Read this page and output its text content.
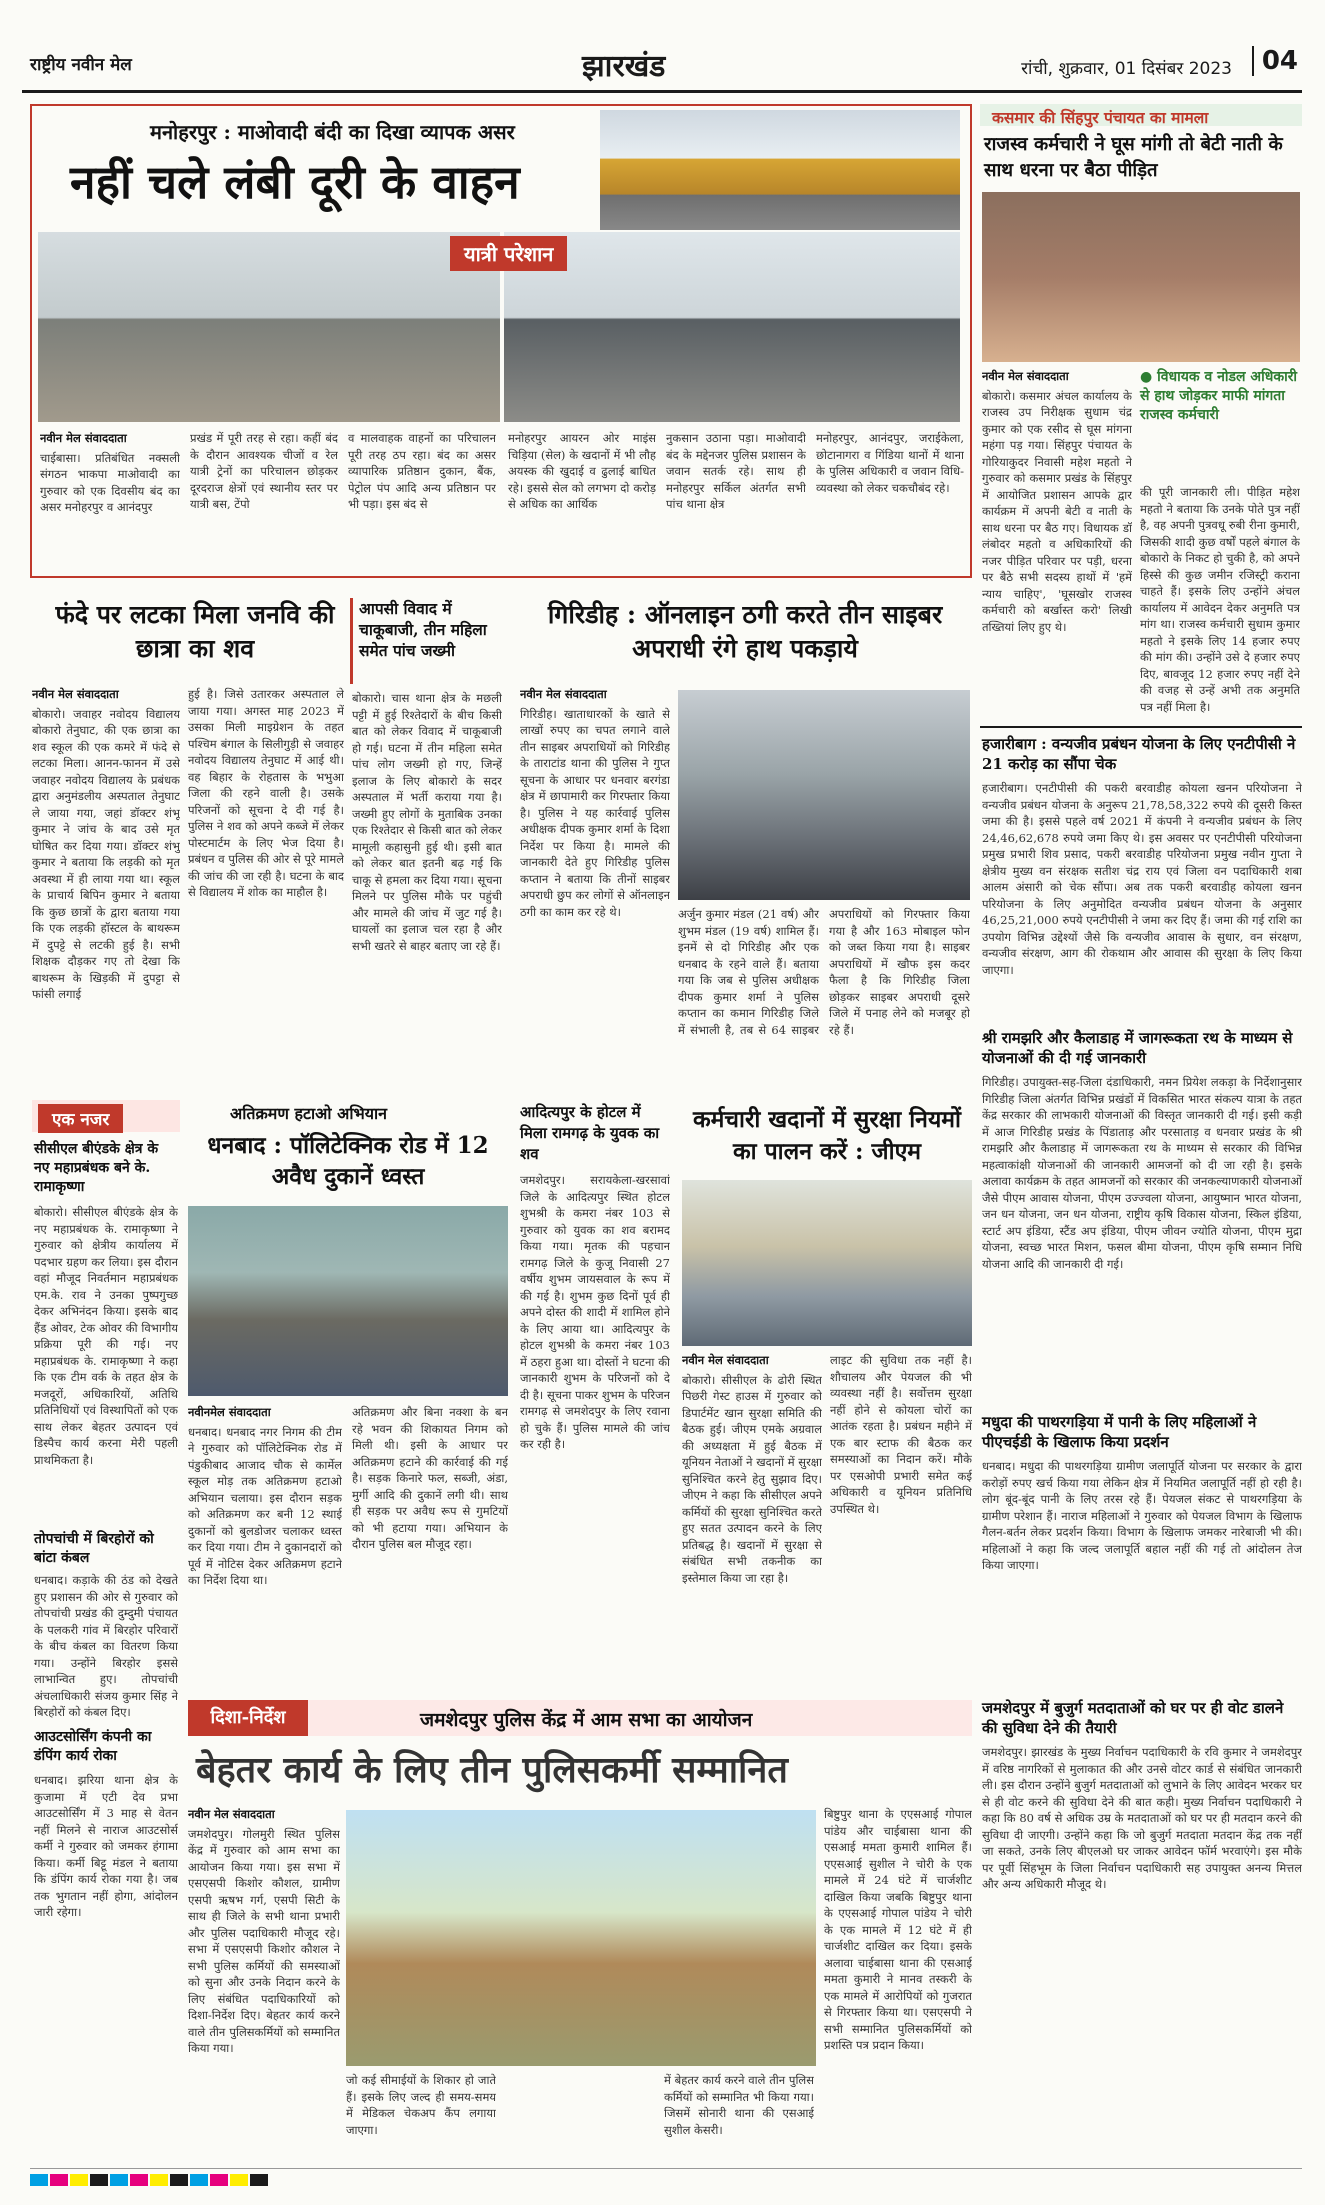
राष्ट्रीय नवीन मेल	झारखंड	रांची, शुक्रवार, 01 दिसंबर 2023	04
मनोहरपुर : माओवादी बंदी का दिखा व्यापक असर
नहीं चले लंबी दूरी के वाहन
यात्री परेशान
नवीन मेल संवाददाता
चाईबासा। प्रतिबंधित नक्सली संगठन भाकपा माओवादी का गुरुवार को एक दिवसीय बंद का असर मनोहरपुर व आनंदपुर
प्रखंड में पूरी तरह से रहा। कहीं बंद के दौरान आवश्यक चीजों व रेल यात्री ट्रेनों का परिचालन छोड़कर दूरदराज क्षेत्रों एवं स्थानीय स्तर पर यात्री बस, टेंपो
व मालवाहक वाहनों का परिचालन पूरी तरह ठप रहा। बंद का असर व्यापारिक प्रतिष्ठान दुकान, बैंक, पेट्रोल पंप आदि अन्य प्रतिष्ठान पर भी पड़ा। इस बंद से
मनोहरपुर आयरन ओर माइंस चिड़िया (सेल) के खदानों में भी लौह अयस्क की खुदाई व ढुलाई बाधित रहे। इससे सेल को लगभग दो करोड़ से अधिक का आर्थिक
नुकसान उठाना पड़ा। माओवादी बंद के मद्देनजर पुलिस प्रशासन के जवान सतर्क रहे। साथ ही मनोहरपुर सर्किल अंतर्गत सभी पांच थाना क्षेत्र
मनोहरपुर, आनंदपुर, जराईकेला, छोटानागरा व गिंडिया थानों में थाना के पुलिस अधिकारी व जवान विधि-व्यवस्था को लेकर चकचौबंद रहे।
कसमार की सिंहपुर पंचायत का मामला
राजस्व कर्मचारी ने घूस मांगी तो बेटी नाती के साथ धरना पर बैठा पीड़ित
नवीन मेल संवाददाता
बोकारो। कसमार अंचल कार्यालय के राजस्व उप निरीक्षक सुधाम चंद्र कुमार को एक रसीद से घूस मांगना महंगा पड़ गया। सिंहपुर पंचायत के गोरियाकुदर निवासी महेश महतो ने गुरुवार को कसमार प्रखंड के सिंहपुर में आयोजित प्रशासन आपके द्वार कार्यक्रम में अपनी बेटी व नाती के साथ धरना पर बैठ गए। विधायक डॉ लंबोदर महतो व अधिकारियों की नजर पीड़ित परिवार पर पड़ी, धरना पर बैठे सभी सदस्य हाथों में 'हमें न्याय चाहिए', 'घूसखोर राजस्व कर्मचारी को बर्खास्त करो' लिखी तख्तियां लिए हुए थे।
● विधायक व नोडल अधिकारी से हाथ जोड़कर माफी मांगता राजस्व कर्मचारी
की पूरी जानकारी ली। पीड़ित महेश महतो ने बताया कि उनके पोते पुत्र नहीं है, वह अपनी पुत्रवधू रुबी रीना कुमारी, जिसकी शादी कुछ वर्षों पहले बंगाल के बोकारो के निकट हो चुकी है, को अपने हिस्से की कुछ जमीन रजिस्ट्री कराना चाहते हैं। इसके लिए उन्होंने अंचल कार्यालय में आवेदन देकर अनुमति पत्र मांग था। राजस्व कर्मचारी सुधाम कुमार महतो ने इसके लिए 14 हजार रुपए की मांग की। उन्होंने उसे दे हजार रुपए दिए, बावजूद 12 हजार रुपए नहीं देने की वजह से उन्हें अभी तक अनुमति पत्र नहीं मिला है।
फंदे पर लटका मिला जनवि की छात्रा का शव
नवीन मेल संवाददाता
बोकारो। जवाहर नवोदय विद्यालय बोकारो तेनुघाट, की एक छात्रा का शव स्कूल की एक कमरे में फंदे से लटका मिला। आनन-फानन में उसे जवाहर नवोदय विद्यालय के प्रबंधक द्वारा अनुमंडलीय अस्पताल तेनुघाट ले जाया गया, जहां डॉक्टर शंभू कुमार ने जांच के बाद उसे मृत घोषित कर दिया गया। डॉक्टर शंभु कुमार ने बताया कि लड़की को मृत अवस्था में ही लाया गया था। स्कूल के प्राचार्य बिपिन कुमार ने बताया कि कुछ छात्रों के द्वारा बताया गया कि एक लड़की हॉस्टल के बाथरूम में दुपट्टे से लटकी हुई है। सभी शिक्षक दौड़कर गए तो देखा कि बाथरूम के खिड़की में दुपट्टा से फांसी लगाई
हुई है। जिसे उतारकर अस्पताल ले जाया गया। अगस्त माह 2023 में उसका मिली माइग्रेशन के तहत पश्चिम बंगाल के सिलीगुड़ी से जवाहर नवोदय विद्यालय तेनुघाट में आई थी। वह बिहार के रोहतास के भभुआ जिला की रहने वाली है। उसके परिजनों को सूचना दे दी गई है। पुलिस ने शव को अपने कब्जे में लेकर पोस्टमार्टम के लिए भेज दिया है। प्रबंधन व पुलिस की ओर से पूरे मामले की जांच की जा रही है। घटना के बाद से विद्यालय में शोक का माहौल है।
आपसी विवाद में चाकूबाजी, तीन महिला समेत पांच जख्मी
बोकारो। चास थाना क्षेत्र के मछली पट्टी में हुई रिश्तेदारों के बीच किसी बात को लेकर विवाद में चाकूबाजी हो गई। घटना में तीन महिला समेत पांच लोग जख्मी हो गए, जिन्हें इलाज के लिए बोकारो के सदर अस्पताल में भर्ती कराया गया है। जख्मी हुए लोगों के मुताबिक उनका एक रिश्तेदार से किसी बात को लेकर मामूली कहासुनी हुई थी। इसी बात को लेकर बात इतनी बढ़ गई कि चाकू से हमला कर दिया गया। सूचना मिलने पर पुलिस मौके पर पहुंची और मामले की जांच में जुट गई है। घायलों का इलाज चल रहा है और सभी खतरे से बाहर बताए जा रहे हैं।
गिरिडीह : ऑनलाइन ठगी करते तीन साइबर अपराधी रंगे हाथ पकड़ाये
नवीन मेल संवाददाता
गिरिडीह। खाताधारकों के खाते से लाखों रुपए का चपत लगाने वाले तीन साइबर अपराधियों को गिरिडीह के ताराटांड थाना की पुलिस ने गुप्त सूचना के आधार पर धनवार बरगंडा क्षेत्र में छापामारी कर गिरफ्तार किया है। पुलिस ने यह कार्रवाई पुलिस अधीक्षक दीपक कुमार शर्मा के दिशा निर्देश पर किया है। मामले की जानकारी देते हुए गिरिडीह पुलिस कप्तान ने बताया कि तीनों साइबर अपराधी छुप कर लोगों से ऑनलाइन ठगी का काम कर रहे थे।	अर्जुन कुमार मंडल (21 वर्ष) और शुभम मंडल (19 वर्ष) शामिल हैं। इनमें से दो गिरिडीह और एक धनबाद के रहने वाले हैं। बताया गया कि जब से पुलिस अधीक्षक दीपक कुमार शर्मा ने पुलिस कप्तान का कमान गिरिडीह जिले में संभाली है, तब से 64 साइबर अपराधियों को गिरफ्तार किया गया है और 163 मोबाइल फोन को जब्त किया गया है। साइबर अपराधियों में खौफ इस कदर फैला है कि गिरिडीह जिला छोड़कर साइबर अपराधी दूसरे जिले में पनाह लेने को मजबूर हो रहे हैं।
एक नजर
सीसीएल बीएंडके क्षेत्र के नए महाप्रबंधक बने के. रामाकृष्णा
बोकारो। सीसीएल बीएंडके क्षेत्र के नए महाप्रबंधक के. रामाकृष्णा ने गुरुवार को क्षेत्रीय कार्यालय में पदभार ग्रहण कर लिया। इस दौरान वहां मौजूद निवर्तमान महाप्रबंधक एम.के. राव ने उनका पुष्पगुच्छ देकर अभिनंदन किया। इसके बाद हैंड ओवर, टेक ओवर की विभागीय प्रक्रिया पूरी की गई। नए महाप्रबंधक के. रामाकृष्णा ने कहा कि एक टीम वर्क के तहत क्षेत्र के मजदूरों, अधिकारियों, अतिथि प्रतिनिधियों एवं विस्थापितों को एक साथ लेकर बेहतर उत्पादन एवं डिस्पैच कार्य करना मेरी पहली प्राथमिकता है।
तोपचांची में बिरहोरों को बांटा कंबल
धनबाद। कड़ाके की ठंड को देखते हुए प्रशासन की ओर से गुरुवार को तोपचांची प्रखंड की दुम्दुमी पंचायत के पलकरी गांव में बिरहोर परिवारों के बीच कंबल का वितरण किया गया। उन्होंने बिरहोर इससे लाभान्वित हुए। तोपचांची अंचलाधिकारी संजय कुमार सिंह ने बिरहोरों को कंबल दिए।
आउटसोर्सिंग कंपनी का डंपिंग कार्य रोका
धनबाद। झरिया थाना क्षेत्र के कुजामा में एटी देव प्रभा आउटसोर्सिंग में 3 माह से वेतन नहीं मिलने से नाराज आउटसोर्स कर्मी ने गुरुवार को जमकर हंगामा किया। कर्मी बिट्टू मंडल ने बताया कि डंपिंग कार्य रोका गया है। जब तक भुगतान नहीं होगा, आंदोलन जारी रहेगा।
अतिक्रमण हटाओ अभियान
धनबाद : पॉलिटेक्निक रोड में 12 अवैध दुकानें ध्वस्त
नवीनमेल संवाददाता
धनबाद। धनबाद नगर निगम की टीम ने गुरुवार को पॉलिटेक्निक रोड में पंडुकीबाद आजाद चौक से कार्मेल स्कूल मोड़ तक अतिक्रमण हटाओ अभियान चलाया। इस दौरान सड़क को अतिक्रमण कर बनी 12 स्थाई दुकानों को बुलडोजर चलाकर ध्वस्त कर दिया गया। टीम ने दुकानदारों को पूर्व में नोटिस देकर अतिक्रमण हटाने का निर्देश दिया था।
अतिक्रमण और बिना नक्शा के बन रहे भवन की शिकायत निगम को मिली थी। इसी के आधार पर अतिक्रमण हटाने की कार्रवाई की गई है। सड़क किनारे फल, सब्जी, अंडा, मुर्गी आदि की दुकानें लगी थी। साथ ही सड़क पर अवैध रूप से गुमटियों को भी हटाया गया। अभियान के दौरान पुलिस बल मौजूद रहा।
आदित्यपुर के होटल में मिला रामगढ़ के युवक का शव
जमशेदपुर। सरायकेला-खरसावां जिले के आदित्यपुर स्थित होटल शुभश्री के कमरा नंबर 103 से गुरुवार को युवक का शव बरामद किया गया। मृतक की पहचान रामगढ़ जिले के कुजू निवासी 27 वर्षीय शुभम जायसवाल के रूप में की गई है। शुभम कुछ दिनों पूर्व ही अपने दोस्त की शादी में शामिल होने के लिए आया था। आदित्यपुर के होटल शुभश्री के कमरा नंबर 103 में ठहरा हुआ था। दोस्तों ने घटना की जानकारी शुभम के परिजनों को दे दी है। सूचना पाकर शुभम के परिजन रामगढ़ से जमशेदपुर के लिए रवाना हो चुके हैं। पुलिस मामले की जांच कर रही है।
कर्मचारी खदानों में सुरक्षा नियमों का पालन करें : जीएम
नवीन मेल संवाददाता
बोकारो। सीसीएल के ढोरी स्थित पिछरी गेस्ट हाउस में गुरुवार को डिपार्टमेंट खान सुरक्षा समिति की बैठक हुई। जीएम एमके अग्रवाल की अध्यक्षता में हुई बैठक में यूनियन नेताओं ने खदानों में सुरक्षा सुनिश्चित करने हेतु सुझाव दिए। जीएम ने कहा कि सीसीएल अपने कर्मियों की सुरक्षा सुनिश्चित करते हुए सतत उत्पादन करने के लिए प्रतिबद्ध है। खदानों में सुरक्षा से संबंधित सभी तकनीक का इस्तेमाल किया जा रहा है।
लाइट की सुविधा तक नहीं है। शौचालय और पेयजल की भी व्यवस्था नहीं है। सर्वोत्तम सुरक्षा नहीं होने से कोयला चोरों का आतंक रहता है। प्रबंधन महीने में एक बार स्टाफ की बैठक कर समस्याओं का निदान करें। मौके पर एसओपी प्रभारी समेत कई अधिकारी व यूनियन प्रतिनिधि उपस्थित थे।
दिशा-निर्देश	जमशेदपुर पुलिस केंद्र में आम सभा का आयोजन
बेहतर कार्य के लिए तीन पुलिसकर्मी सम्मानित
नवीन मेल संवाददाता
जमशेदपुर। गोलमुरी स्थित पुलिस केंद्र में गुरुवार को आम सभा का आयोजन किया गया। इस सभा में एसएसपी किशोर कौशल, ग्रामीण एसपी ऋषभ गर्ग, एसपी सिटी के साथ ही जिले के सभी थाना प्रभारी और पुलिस पदाधिकारी मौजूद रहे। सभा में एसएसपी किशोर कौशल ने सभी पुलिस कर्मियों की समस्याओं को सुना और उनके निदान करने के लिए संबंधित पदाधिकारियों को दिशा-निर्देश दिए। बेहतर कार्य करने वाले तीन पुलिसकर्मियों को सम्मानित किया गया।
जो कई सीमाईयों के शिकार हो जाते हैं। इसके लिए जल्द ही समय-समय में मेडिकल चेकअप कैंप लगाया जाएगा।
में बेहतर कार्य करने वाले तीन पुलिस कर्मियों को सम्मानित भी किया गया। जिसमें सोनारी थाना की एसआई सुशील केसरी।
बिष्टुपुर थाना के एएसआई गोपाल पांडेय और चाईबासा थाना की एसआई ममता कुमारी शामिल हैं। एएसआई सुशील ने चोरी के एक मामले में 24 घंटे में चार्जशीट दाखिल किया जबकि बिष्टुपुर थाना के एएसआई गोपाल पांडेय ने चोरी के एक मामले में 12 घंटे में ही चार्जशीट दाखिल कर दिया। इसके अलावा चाईबासा थाना की एसआई ममता कुमारी ने मानव तस्करी के एक मामले में आरोपियों को गुजरात से गिरफ्तार किया था। एसएसपी ने सभी सम्मानित पुलिसकर्मियों को प्रशस्ति पत्र प्रदान किया।
हजारीबाग : वन्यजीव प्रबंधन योजना के लिए एनटीपीसी ने 21 करोड़ का सौंपा चेक
हजारीबाग। एनटीपीसी की पकरी बरवाडीह कोयला खनन परियोजना ने वन्यजीव प्रबंधन योजना के अनुरूप 21,78,58,322 रुपये की दूसरी किस्त जमा की है। इससे पहले वर्ष 2021 में कंपनी ने वन्यजीव प्रबंधन के लिए 24,46,62,678 रुपये जमा किए थे। इस अवसर पर एनटीपीसी परियोजना प्रमुख प्रभारी शिव प्रसाद, पकरी बरवाडीह परियोजना प्रमुख नवीन गुप्ता ने क्षेत्रीय मुख्य वन संरक्षक सतीश चंद्र राय एवं जिला वन पदाधिकारी शबा आलम अंसारी को चेक सौंपा। अब तक पकरी बरवाडीह कोयला खनन परियोजना के लिए अनुमोदित वन्यजीव प्रबंधन योजना के अनुसार 46,25,21,000 रुपये एनटीपीसी ने जमा कर दिए हैं। जमा की गई राशि का उपयोग विभिन्न उद्देश्यों जैसे कि वन्यजीव आवास के सुधार, वन संरक्षण, वन्यजीव संरक्षण, आग की रोकथाम और आवास की सुरक्षा के लिए किया जाएगा।
श्री रामझरि और कैलाडाह में जागरूकता रथ के माध्यम से योजनाओं की दी गई जानकारी
गिरिडीह। उपायुक्त-सह-जिला दंडाधिकारी, नमन प्रियेश लकड़ा के निर्देशानुसार गिरिडीह जिला अंतर्गत विभिन्न प्रखंडों में विकसित भारत संकल्प यात्रा के तहत केंद्र सरकार की लाभकारी योजनाओं की विस्तृत जानकारी दी गई। इसी कड़ी में आज गिरिडीह प्रखंड के पिंडाताड़ और परसाताड़ व धनवार प्रखंड के श्री रामझरि और कैलाडाह में जागरूकता रथ के माध्यम से सरकार की विभिन्न महत्वाकांक्षी योजनाओं की जानकारी आमजनों को दी जा रही है। इसके अलावा कार्यक्रम के तहत आमजनों को सरकार की जनकल्याणकारी योजनाओं जैसे पीएम आवास योजना, पीएम उज्ज्वला योजना, आयुष्मान भारत योजना, जन धन योजना, जन धन योजना, राष्ट्रीय कृषि विकास योजना, स्किल इंडिया, स्टार्ट अप इंडिया, स्टैंड अप इंडिया, पीएम जीवन ज्योति योजना, पीएम मुद्रा योजना, स्वच्छ भारत मिशन, फसल बीमा योजना, पीएम कृषि सम्मान निधि योजना आदि की जानकारी दी गई।
मधुदा की पाथरगड़िया में पानी के लिए महिलाओं ने पीएचईडी के खिलाफ किया प्रदर्शन
धनबाद। मधुदा की पाथरगड़िया ग्रामीण जलापूर्ति योजना पर सरकार के द्वारा करोड़ों रुपए खर्च किया गया लेकिन क्षेत्र में नियमित जलापूर्ति नहीं हो रही है। लोग बूंद-बूंद पानी के लिए तरस रहे हैं। पेयजल संकट से पाथरगड़िया के ग्रामीण परेशान हैं। नाराज महिलाओं ने गुरुवार को पेयजल विभाग के खिलाफ गैलन-बर्तन लेकर प्रदर्शन किया। विभाग के खिलाफ जमकर नारेबाजी भी की। महिलाओं ने कहा कि जल्द जलापूर्ति बहाल नहीं की गई तो आंदोलन तेज किया जाएगा।
जमशेदपुर में बुजुर्ग मतदाताओं को घर पर ही वोट डालने की सुविधा देने की तैयारी
जमशेदपुर। झारखंड के मुख्य निर्वाचन पदाधिकारी के रवि कुमार ने जमशेदपुर में वरिष्ठ नागरिकों से मुलाकात की और उनसे वोटर कार्ड से संबंधित जानकारी ली। इस दौरान उन्होंने बुजुर्ग मतदाताओं को लुभाने के लिए आवेदन भरकर घर से ही वोट करने की सुविधा देने की बात कही। मुख्य निर्वाचन पदाधिकारी ने कहा कि 80 वर्ष से अधिक उम्र के मतदाताओं को घर पर ही मतदान करने की सुविधा दी जाएगी। उन्होंने कहा कि जो बुजुर्ग मतदाता मतदान केंद्र तक नहीं जा सकते, उनके लिए बीएलओ घर जाकर आवेदन फॉर्म भरवाएंगे। इस मौके पर पूर्वी सिंहभूम के जिला निर्वाचन पदाधिकारी सह उपायुक्त अनन्य मित्तल और अन्य अधिकारी मौजूद थे।
